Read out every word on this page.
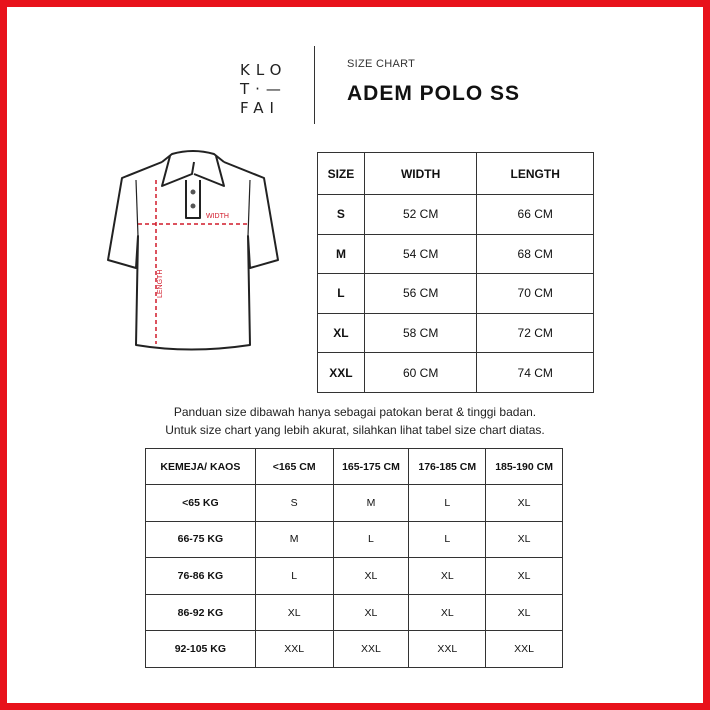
KLO
T·—
FAI
SIZE CHART
ADEM POLO SS
WIDTH
LENGTH
SIZE	WIDTH	LENGTH
S	52 CM	66 CM
M	54 CM	68 CM
L	56 CM	70 CM
XL	58 CM	72 CM
XXL	60 CM	74 CM
Panduan size dibawah hanya sebagai patokan berat & tinggi badan.
Untuk size chart yang lebih akurat, silahkan lihat tabel size chart diatas.
KEMEJA/ KAOS	<165 CM	165-175 CM	176-185 CM	185-190 CM
<65 KG	S	M	L	XL
66-75 KG	M	L	L	XL
76-86 KG	L	XL	XL	XL
86-92 KG	XL	XL	XL	XL
92-105 KG	XXL	XXL	XXL	XXL
